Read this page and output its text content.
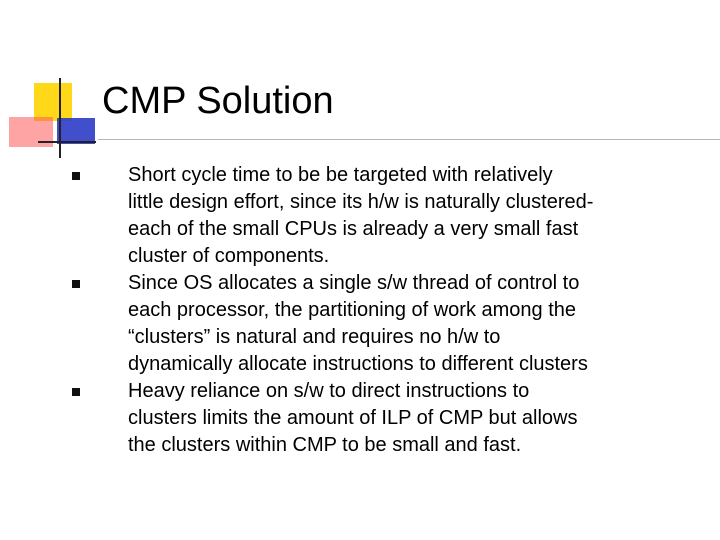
CMP Solution
Short cycle time to be be targeted with relatively
little design effort, since its h/w is naturally clustered-
each of the small CPUs is already a very small fast
cluster of components.
Since OS allocates a single s/w thread of control to
each processor, the partitioning of work among the
“clusters” is natural and requires no h/w to
dynamically allocate instructions to different clusters
Heavy reliance on s/w to direct instructions to
clusters limits the amount of ILP of CMP but allows
the clusters within CMP to be small and fast.
